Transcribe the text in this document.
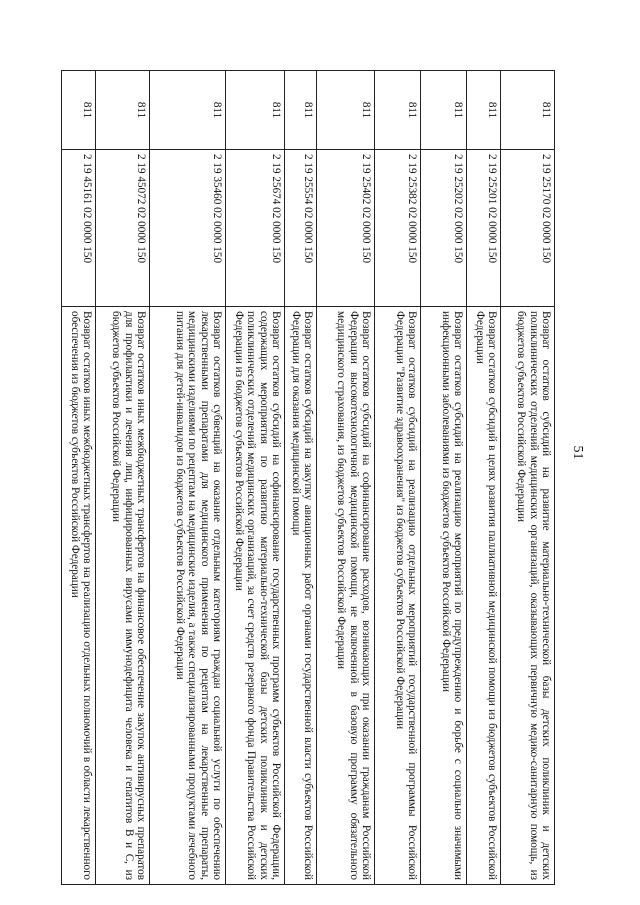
51
811	2 19 25170 02 0000 150	Возврат остатков субсидий на развитие материально-технической базы детских поликлиник и детских поликлинических отделений медицинских организаций, оказывающих первичную медико-санитарную помощь, из бюджетов субъектов Российской Федерации
811	2 19 25201 02 0000 150	Возврат остатков субсидий в целях развития паллиативной медицинской помощи из бюджетов субъектов Российской Федерации
811	2 19 25202 02 0000 150	Возврат остатков субсидий на реализацию мероприятий по предупреждению и борьбе с социально значимыми инфекционными заболеваниями из бюджетов субъектов Российской Федерации
811	2 19 25382 02 0000 150	Возврат остатков субсидий на реализацию отдельных мероприятий государственной программы Российской Федерации "Развитие здравоохранения" из бюджетов субъектов Российской Федерации
811	2 19 25402 02 0000 150	Возврат остатков субсидий на софинансирование расходов, возникающих при оказании гражданам Российской Федерации высокотехнологичной медицинской помощи, не включенной в базовую программу обязательного медицинского страхования, из бюджетов субъектов Российской Федерации
811	2 19 25554 02 0000 150	Возврат остатков субсидий на закупку авиационных работ органами государственной власти субъектов Российской Федерации для оказания медицинской помощи
811	2 19 25674 02 0000 150	Возврат остатков субсидий на софинансирование государственных программ субъектов Российской Федерации, содержащих мероприятия по развитию материально-технической базы детских поликлиник и детских поликлинических отделений медицинских организаций, за счет средств резервного фонда Правительства Российской Федерации из бюджетов субъектов Российской Федерации
811	2 19 35460 02 0000 150	Возврат остатков субвенций на оказание отдельным категориям граждан социальной услуги по обеспечению лекарственными препаратами для медицинского применения по рецептам на лекарственные препараты, медицинскими изделиями по рецептам на медицинские изделия, а также специализированными продуктами лечебного питания для детей-инвалидов из бюджетов субъектов Российской Федерации
811	2 19 45072 02 0000 150	Возврат остатков иных межбюджетных трансфертов на финансовое обеспечение закупок антивирусных препаратов для профилактики и лечения лиц, инфицированных вирусами иммунодефицита человека и гепатитов B и C, из бюджетов субъектов Российской Федерации
811	2 19 45161 02 0000 150	Возврат остатков иных межбюджетных трансфертов на реализацию отдельных полномочий в области лекарственного обеспечения из бюджетов субъектов Российской Федерации
